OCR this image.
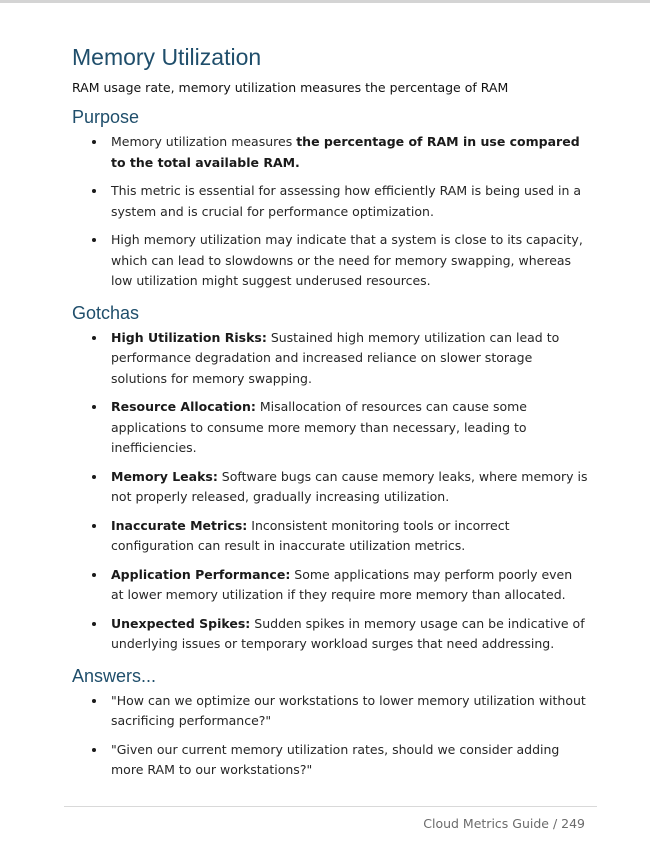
Memory Utilization

RAM usage rate, memory utilization measures the percentage of RAM

Purpose
Memory utilization measures the percentage of RAM in use compared to the total available RAM.
This metric is essential for assessing how efficiently RAM is being used in a system and is crucial for performance optimization.
High memory utilization may indicate that a system is close to its capacity, which can lead to slowdowns or the need for memory swapping, whereas low utilization might suggest underused resources.
Gotchas
High Utilization Risks: Sustained high memory utilization can lead to performance degradation and increased reliance on slower storage solutions for memory swapping.
Resource Allocation: Misallocation of resources can cause some applications to consume more memory than necessary, leading to inefficiencies.
Memory Leaks: Software bugs can cause memory leaks, where memory is not properly released, gradually increasing utilization.
Inaccurate Metrics: Inconsistent monitoring tools or incorrect configuration can result in inaccurate utilization metrics.
Application Performance: Some applications may perform poorly even at lower memory utilization if they require more memory than allocated.
Unexpected Spikes: Sudden spikes in memory usage can be indicative of underlying issues or temporary workload surges that need addressing.
Answers...
"How can we optimize our workstations to lower memory utilization without sacrificing performance?"
"Given our current memory utilization rates, should we consider adding more RAM to our workstations?"
Cloud Metrics Guide / 249
